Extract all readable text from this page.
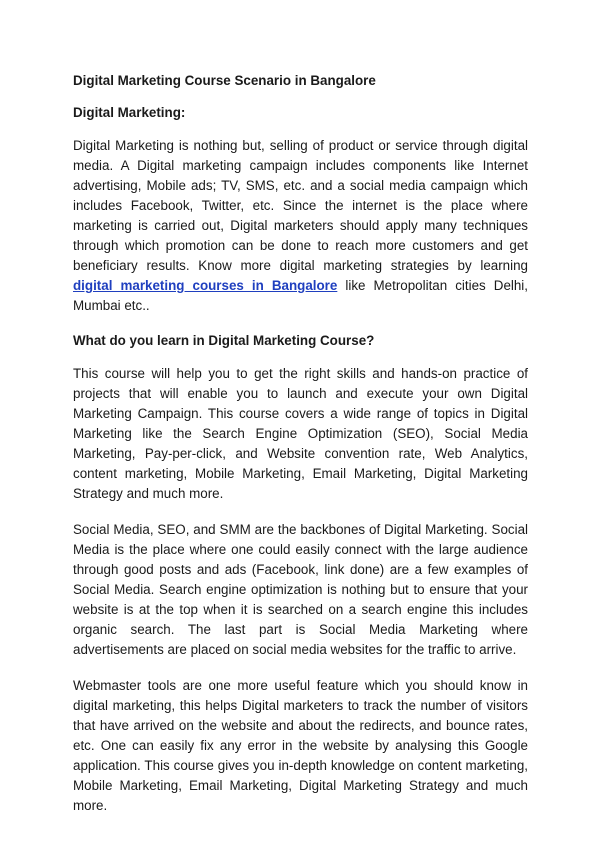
Digital Marketing Course Scenario in Bangalore
Digital Marketing:

Digital Marketing is nothing but, selling of product or service through digital media. A Digital marketing campaign includes components like Internet advertising, Mobile ads; TV, SMS, etc. and a social media campaign which includes Facebook, Twitter, etc. Since the internet is the place where marketing is carried out, Digital marketers should apply many techniques through which promotion can be done to reach more customers and get beneficiary results. Know more digital marketing strategies by learning digital marketing courses in Bangalore like Metropolitan cities Delhi, Mumbai etc..

What do you learn in Digital Marketing Course?

This course will help you to get the right skills and hands-on practice of projects that will enable you to launch and execute your own Digital Marketing Campaign. This course covers a wide range of topics in Digital Marketing like the Search Engine Optimization (SEO), Social Media Marketing, Pay-per-click, and Website convention rate, Web Analytics, content marketing, Mobile Marketing, Email Marketing, Digital Marketing Strategy and much more.

Social Media, SEO, and SMM are the backbones of Digital Marketing. Social Media is the place where one could easily connect with the large audience through good posts and ads (Facebook, link done) are a few examples of Social Media. Search engine optimization is nothing but to ensure that your website is at the top when it is searched on a search engine this includes organic search. The last part is Social Media Marketing where advertisements are placed on social media websites for the traffic to arrive.

Webmaster tools are one more useful feature which you should know in digital marketing, this helps Digital marketers to track the number of visitors that have arrived on the website and about the redirects, and bounce rates, etc. One can easily fix any error in the website by analysing this Google application. This course gives you in-depth knowledge on content marketing, Mobile Marketing, Email Marketing, Digital Marketing Strategy and much more.
